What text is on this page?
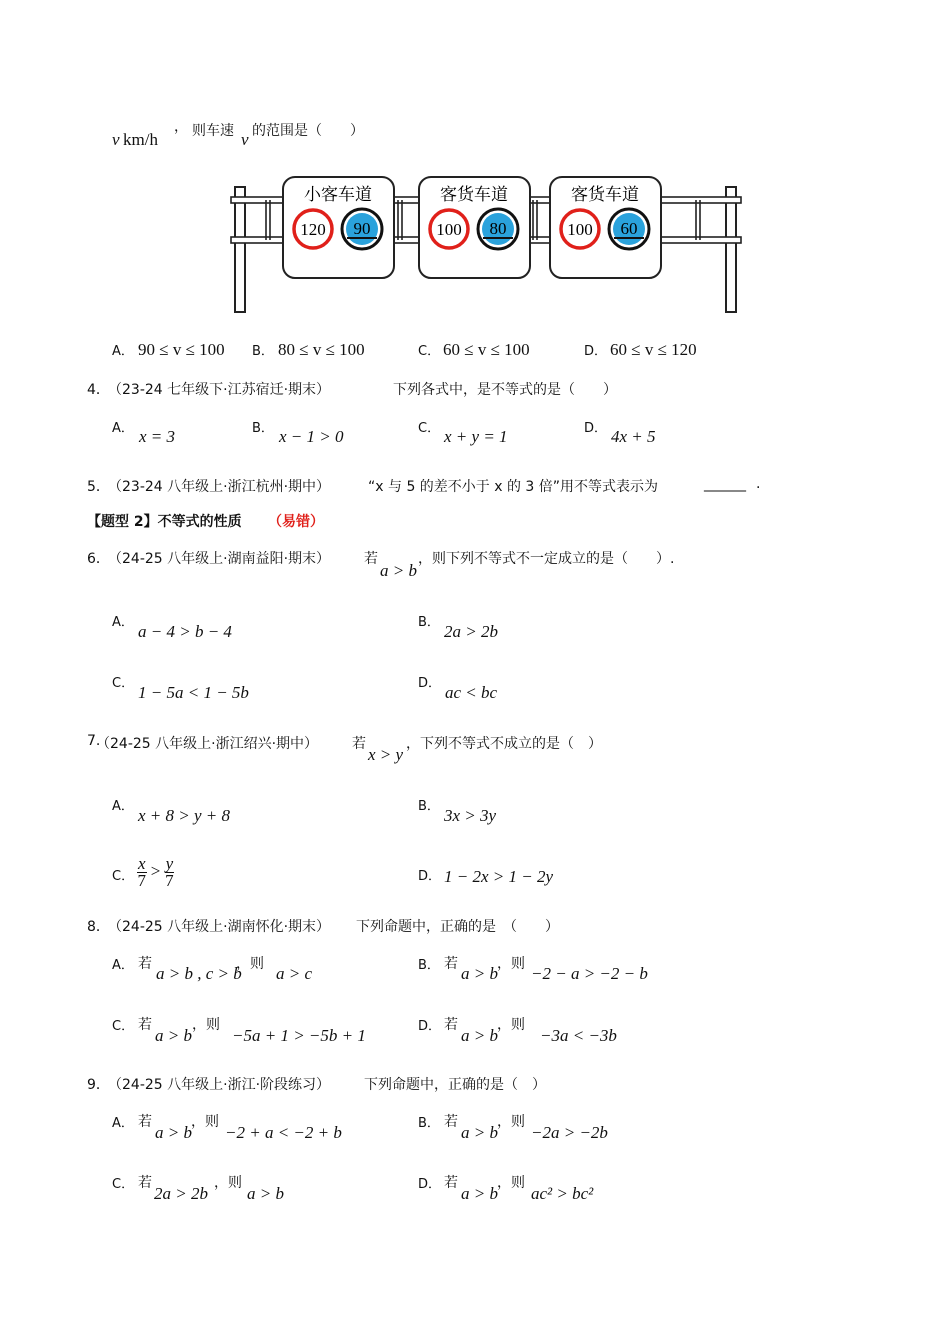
v km/h
， 则车速 v 的范围是（　　）
小客车道
120 90
客货车道
100 80
客货车道
100 60
A． 90 ≤ v ≤ 100 B． 80 ≤ v ≤ 100	C． 60 ≤ v ≤ 100	D． 60 ≤ v ≤ 120
4．
（23-24 七年级下·江苏宿迁·期末）	下列各式中，是不等式的是（　　）
A． x = 3	B． x − 1 > 0	C． x + y = 1	D． 4x + 5
5．
（23-24 八年级上·浙江杭州·期中）	“x 与 5 的差不小于 x 的 3 倍”用不等式表示为	______ .
【题型 2】不等式的性质 （易错）
6．
（24-25 八年级上·湖南益阳·期末） 若
a > b
，则下列不等式不一定成立的是（　　）.
A． a − 4 > b − 4	B． 2a > 2b
C． 1 − 5a < 1 − 5b	D． ac < bc
7.
（24-25 八年级上·浙江绍兴·期中） 若
x > y
，下列不等式不成立的是（　）
A． x + 8 > y + 8	B． 3x > 3y
C． $\frac{x}{7} > \frac{y}{7}$	D． 1 − 2x > 1 − 2y
8．
（24-25 八年级上·湖南怀化·期末） 下列命题中，正确的是　（　　）
A． 若 a > b , c > b
，则 a > c	B． 若 a > b ，则 −2 − a > −2 − b
C． 若
a > b
，则
−5a + 1 > −5b + 1	D． 若
a > b
，则
−3a < −3b
9．
（24-25 八年级上·浙江·阶段练习） 下列命题中，正确的是（　）
A． 若
a > b
，则
−2 + a < −2 + b	B． 若
a > b
，则
−2a > −2b
C． 若
2a > 2b
，则
a > b	D． 若
a > b
，则
ac² > bc²
